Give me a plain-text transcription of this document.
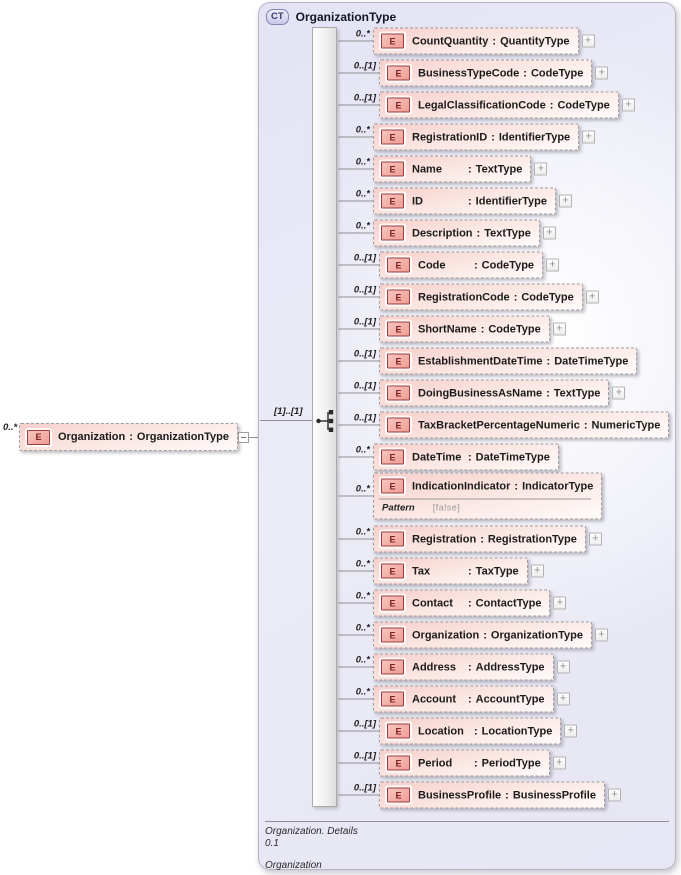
0..*
E	Organization : OrganizationType
CT	OrganizationType
[1]..[1]
0..*
E	CountQuantity : QuantityType +
0..[1]
E	BusinessTypeCode : CodeType +
0..[1]
E	LegalClassificationCode : CodeType +
0..*
E	RegistrationID : IdentifierType +
0..*
E	Name	: TextType +
0..*
E	ID	: IdentifierType +
0..*
E	Description : TextType +
0..[1]
E	Code	: CodeType +
0..[1]
E	RegistrationCode : CodeType +
0..[1]
E	ShortName : CodeType +
0..[1]
E	EstablishmentDateTime : DateTimeType
0..[1]
E	DoingBusinessAsName : TextType +
0..[1]
E	TaxBracketPercentageNumeric : NumericType
0..*
E	DateTime : DateTimeType
0..*	E	IndicationIndicator : IndicatorType
Pattern [false]
0..*
E	Registration : RegistrationType +
0..*
E	Tax	: TaxType +
0..*
E	Contact	: ContactType +
0..*
E	Organization : OrganizationType +
0..*
E	Address	: AddressType +
0..*
E	Account	: AccountType +
0..[1]
E	Location : LocationType +
0..[1]
E	Period	: PeriodType +
0..[1]
E	BusinessProfile : BusinessProfile +
Organization. Details
0.1
Organization
